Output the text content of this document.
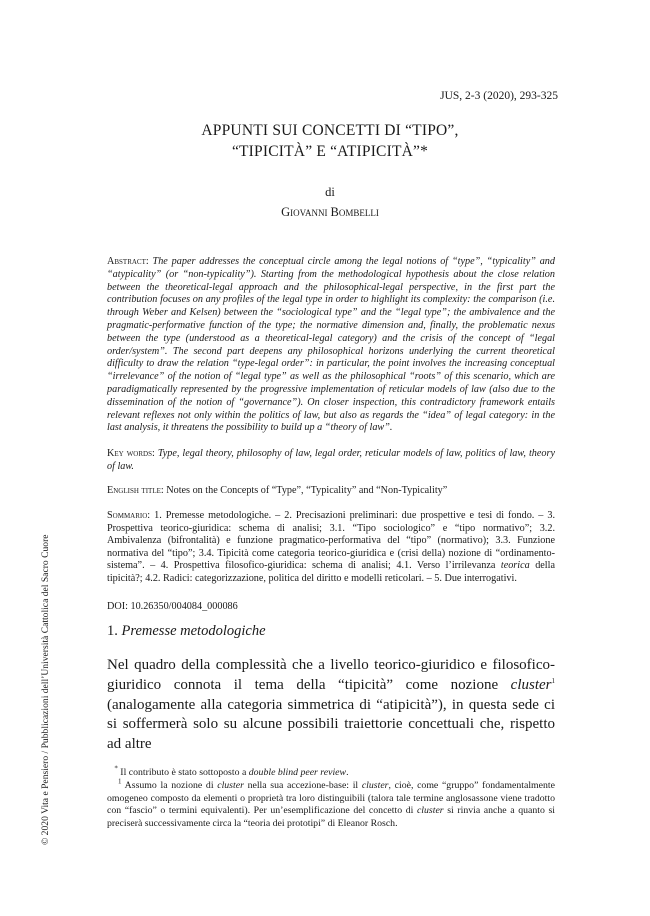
JUS, 2-3 (2020), 293-325
APPUNTI SUI CONCETTI DI “TIPO”,
“TIPICITÀ” E “ATIPICITÀ”*
di
Giovanni Bombelli
Abstract: The paper addresses the conceptual circle among the legal notions of “type”, “typicality” and “atypicality” (or “non-typicality”). Starting from the methodological hypothesis about the close relation between the theoretical-legal approach and the philosophical-legal perspective, in the first part the contribution focuses on any profiles of the legal type in order to highlight its complexity: the comparison (i.e. through Weber and Kelsen) between the “sociological type” and the “legal type”; the ambivalence and the pragmatic-performative function of the type; the normative dimension and, finally, the problematic nexus between the type (understood as a theoretical-legal category) and the crisis of the concept of “legal order/system”. The second part deepens any philosophical horizons underlying the current theoretical difficulty to draw the relation “type-legal order”: in particular, the point involves the increasing conceptual “irrelevance” of the notion of “legal type” as well as the philosophical “roots” of this scenario, which are paradigmatically represented by the progressive implementation of reticular models of law (also due to the dissemination of the notion of “governance”). On closer inspection, this contradictory framework entails relevant reflexes not only within the politics of law, but also as regards the “idea” of legal category: in the last analysis, it threatens the possibility to build up a “theory of law”.
Key words: Type, legal theory, philosophy of law, legal order, reticular models of law, politics of law, theory of law.
English title: Notes on the Concepts of “Type”, “Typicality” and “Non-Typicality”
Sommario: 1. Premesse metodologiche. – 2. Precisazioni preliminari: due prospettive e tesi di fondo. – 3. Prospettiva teorico-giuridica: schema di analisi; 3.1. “Tipo sociologico” e “tipo normativo”; 3.2. Ambivalenza (bifrontalità) e funzione pragmatico-performativa del “tipo” (normativo); 3.3. Funzione normativa del “tipo”; 3.4. Tipicità come categoria teorico-giuridica e (crisi della) nozione di “ordinamento-sistema”. – 4. Prospettiva filosofico-giuridica: schema di analisi; 4.1. Verso l’irrilevanza teorica della tipicità?; 4.2. Radici: categorizzazione, politica del diritto e modelli reticolari. – 5. Due interrogativi.
DOI: 10.26350/004084_000086
1. Premesse metodologiche
Nel quadro della complessità che a livello teorico-giuridico e filosofico-giuridico connota il tema della “tipicità” come nozione cluster$^1$ (analogamente alla categoria simmetrica di “atipicità”), in questa sede ci si soffermerà solo su alcune possibili traiettorie concettuali che, rispetto ad altre
* Il contributo è stato sottoposto a double blind peer review.
$^1$ Assumo la nozione di cluster nella sua accezione-base: il cluster, cioè, come “gruppo” fondamentalmente omogeneo composto da elementi o proprietà tra loro distinguibili (talora tale termine anglosassone viene tradotto con “fascio” o termini equivalenti). Per un’esemplificazione del concetto di cluster si rinvia anche a quanto si preciserà successivamente circa la “teoria dei prototipi” di Eleanor Rosch.
© 2020 Vita e Pensiero / Pubblicazioni dell’Università Cattolica del Sacro Cuore
